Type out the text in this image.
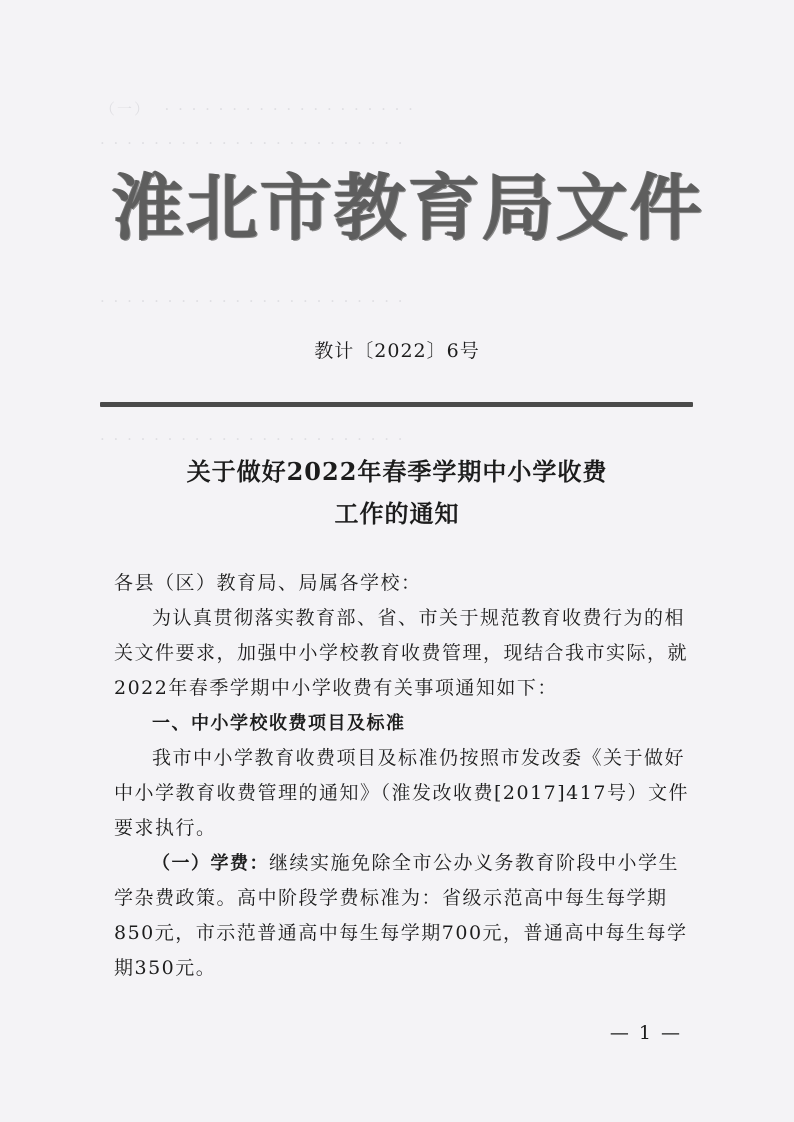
（一）  · · · · · · · · · · · · · · · · · · ·
· · · · · · · · · · · · · · · · · · · · · · ·
· · · · · · · · · · · · · · · · · · · · · · ·
· · · · · · · · · · · · · · · · · · · · · · ·
淮北市教育局文件
教计〔2022〕6号
关于做好2022年春季学期中小学收费
工作的通知
各县（区）教育局、局属各学校：
为认真贯彻落实教育部、省、市关于规范教育收费行为的相关文件要求，加强中小学校教育收费管理，现结合我市实际，就2022年春季学期中小学收费有关事项通知如下：
一、中小学校收费项目及标准
我市中小学教育收费项目及标准仍按照市发改委《关于做好中小学教育收费管理的通知》（淮发改收费[2017]417号）文件要求执行。
（一）学费：继续实施免除全市公办义务教育阶段中小学生学杂费政策。高中阶段学费标准为：省级示范高中每生每学期850元，市示范普通高中每生每学期700元，普通高中每生每学期350元。
— 1 —
